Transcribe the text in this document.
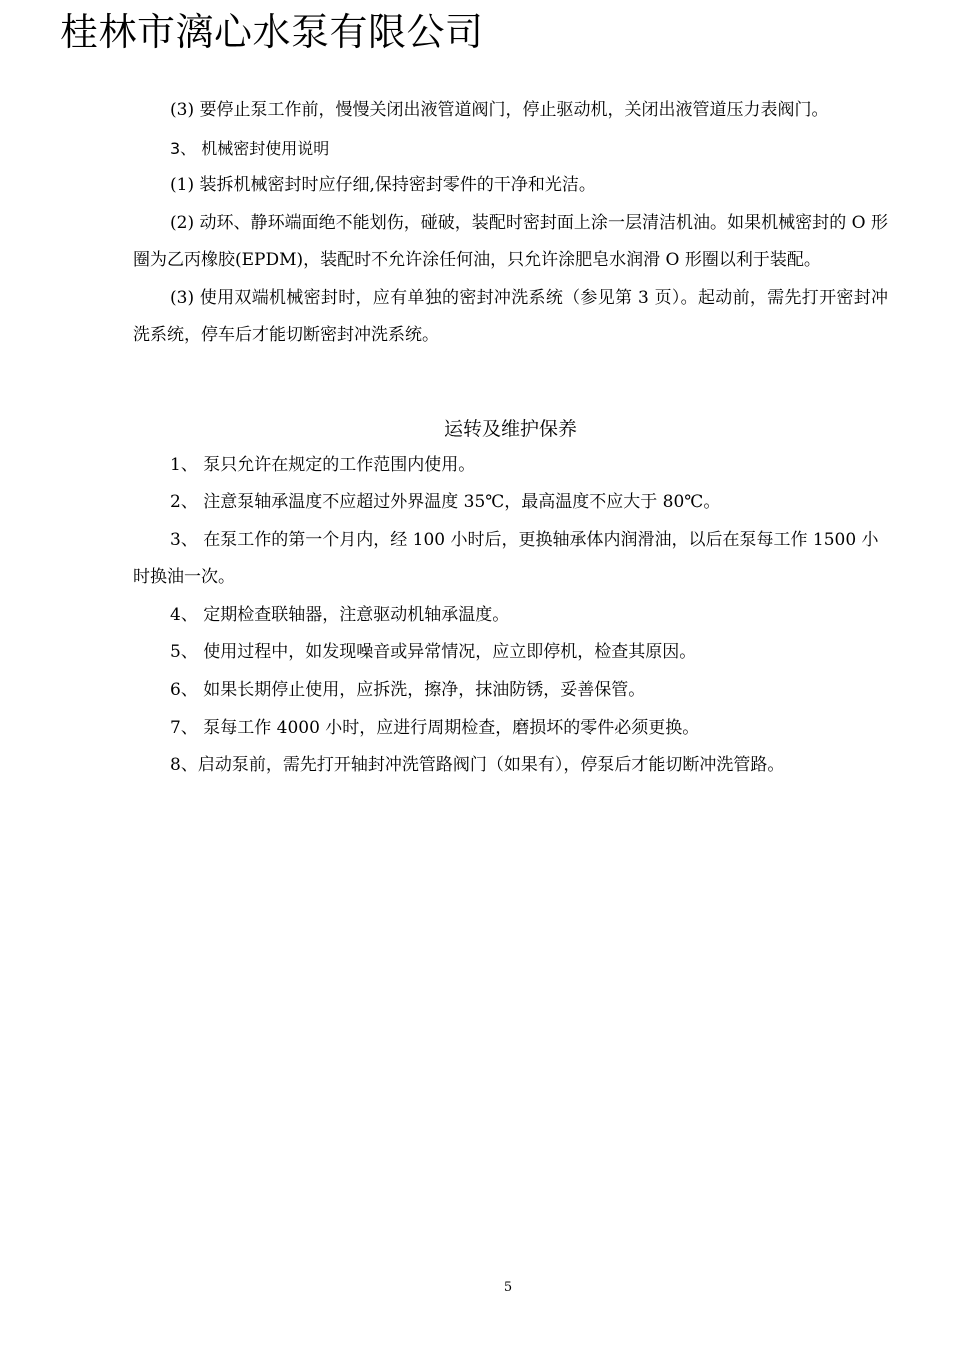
桂林市漓心水泵有限公司

(3) 要停止泵工作前，慢慢关闭出液管道阀门，停止驱动机，关闭出液管道压力表阀门。

3、 机械密封使用说明

(1) 装拆机械密封时应仔细,保持密封零件的干净和光洁。

(2) 动环、静环端面绝不能划伤，碰破，装配时密封面上涂一层清洁机油。如果机械密封的 O 形圈为乙丙橡胶(EPDM)，装配时不允许涂任何油，只允许涂肥皂水润滑 O 形圈以利于装配。

(3) 使用双端机械密封时，应有单独的密封冲洗系统（参见第 3 页）。起动前，需先打开密封冲洗系统，停车后才能切断密封冲洗系统。

运转及维护保养

1、 泵只允许在规定的工作范围内使用。

2、 注意泵轴承温度不应超过外界温度 35℃，最高温度不应大于 80℃。

3、 在泵工作的第一个月内，经 100 小时后，更换轴承体内润滑油，以后在泵每工作 1500 小时换油一次。

4、 定期检查联轴器，注意驱动机轴承温度。

5、 使用过程中，如发现噪音或异常情况，应立即停机，检查其原因。

6、 如果长期停止使用，应拆洗，擦净，抹油防锈，妥善保管。

7、 泵每工作 4000 小时，应进行周期检查，磨损坏的零件必须更换。

8、启动泵前，需先打开轴封冲洗管路阀门（如果有），停泵后才能切断冲洗管路。

5
